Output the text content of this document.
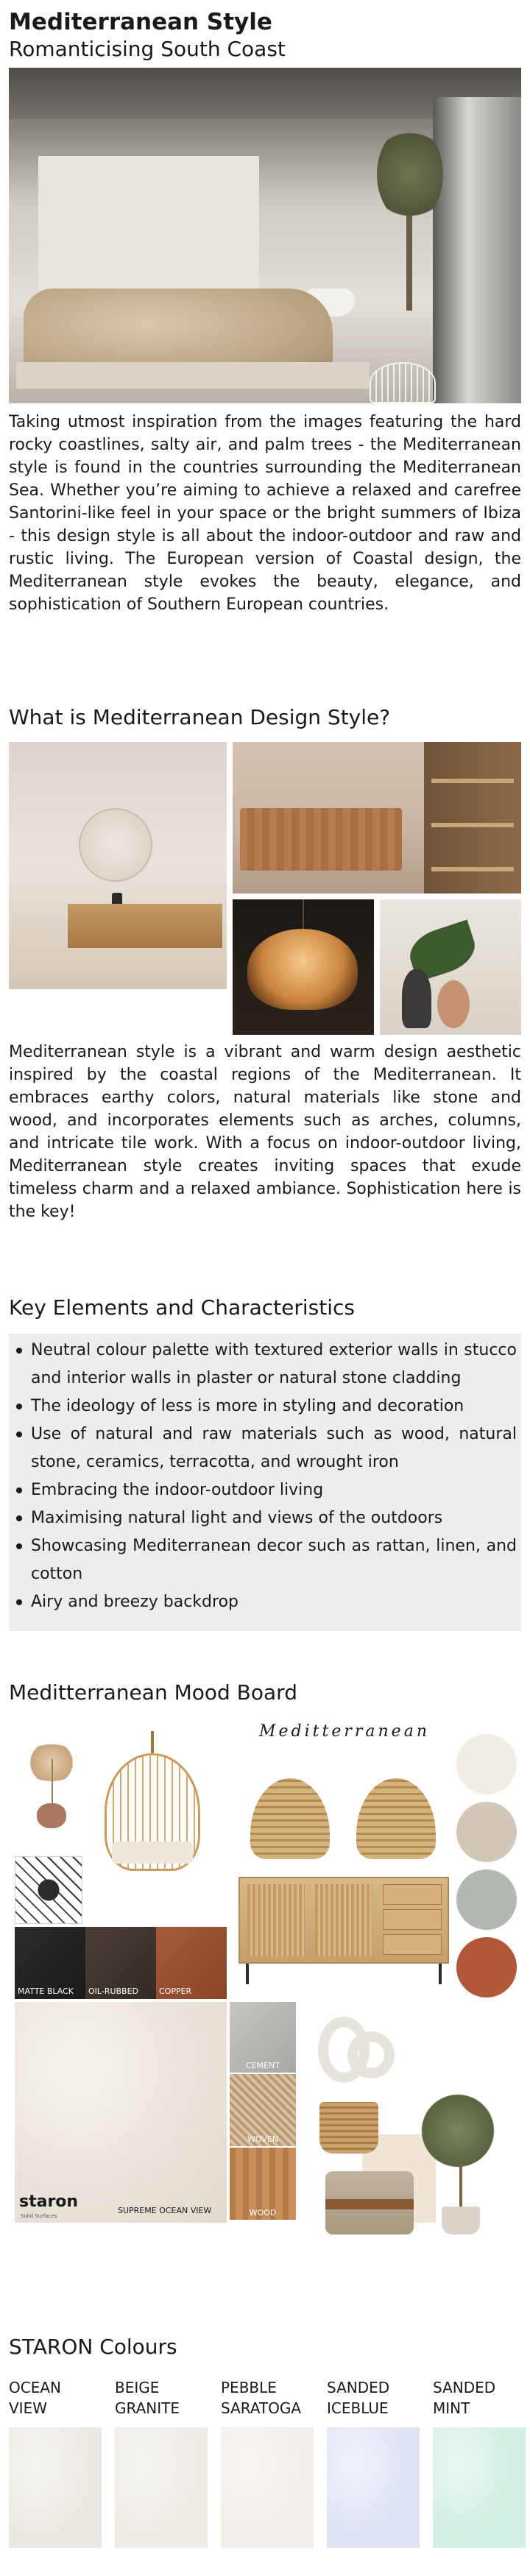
Mediterranean Style
Romanticising South Coast

Taking utmost inspiration from the images featuring the hard rocky coastlines, salty air, and palm trees - the Mediterranean style is found in the countries surrounding the Mediterranean Sea. Whether you’re aiming to achieve a relaxed and carefree Santorini-like feel in your space or the bright summers of Ibiza - this design style is all about the indoor-outdoor and raw and rustic living. The European version of Coastal design, the Mediterranean style evokes the beauty, elegance, and sophistication of Southern European countries.

What is Mediterranean Design Style?

Mediterranean style is a vibrant and warm design aesthetic inspired by the coastal regions of the Mediterranean. It embraces earthy colors, natural materials like stone and wood, and incorporates elements such as arches, columns, and intricate tile work. With a focus on indoor-outdoor living, Mediterranean style creates inviting spaces that exude timeless charm and a relaxed ambiance. Sophistication here is the key!

Key Elements and Characteristics
Neutral colour palette with textured exterior walls in stucco and interior walls in plaster or natural stone cladding
The ideology of less is more in styling and decoration
Use of natural and raw materials such as wood, natural stone, ceramics, terracotta, and wrought iron
Embracing the indoor-outdoor living
Maximising natural light and views of the outdoors
Showcasing Mediterranean decor such as rattan, linen, and cotton
Airy and breezy backdrop
Meditterranean Mood Board
Meditterranean
MATTE BLACK OIL-RUBBED	COPPER
staron
Solid Surfaces
SUPREME OCEAN VIEW
CEMENT
WOVEN
WOOD
STARON Colours
OCEAN
VIEW
BEIGE
GRANITE
PEBBLE
SARATOGA
SANDED
ICEBLUE
SANDED
MINT
